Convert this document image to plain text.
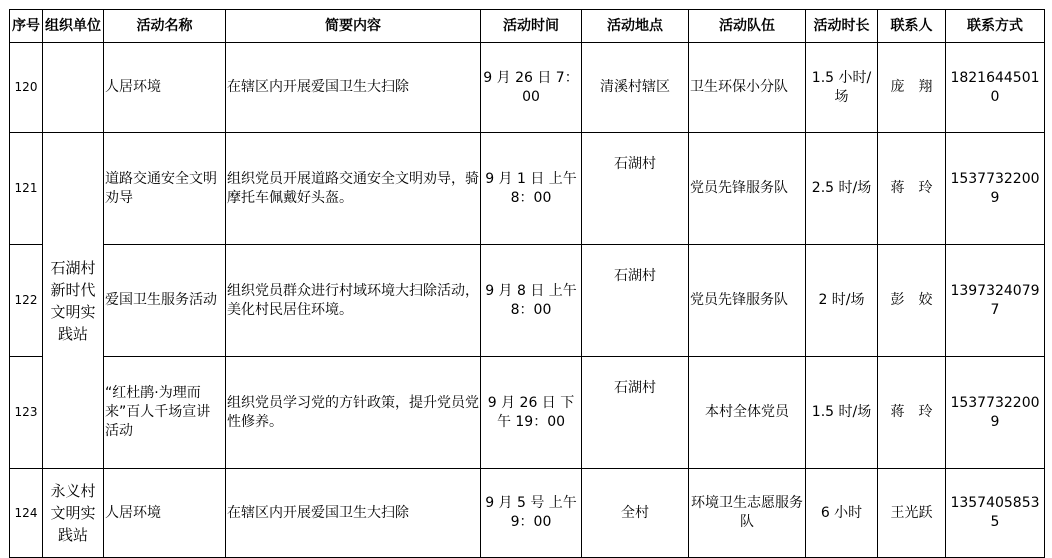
序号	组织单位	活动名称	简要内容	活动时间	活动地点	活动队伍	活动时长	联系人	联系方式
120		人居环境	在辖区内开展爱国卫生大扫除	9 月 26 日 7：00	清溪村辖区	卫生环保小分队	1.5 小时/场	庞　翔	18216445010
121	石湖村新时代文明实践站	道路交通安全文明劝导	组织党员开展道路交通安全文明劝导，骑摩托车佩戴好头盔。	9 月 1 日 上午 8：00	石湖村	党员先锋服务队	2.5 时/场	蒋　玲	15377322009
122		爱国卫生服务活动	组织党员群众进行村域环境大扫除活动，美化村民居住环境。	9 月 8 日 上午 8：00	石湖村	党员先锋服务队	2 时/场	彭　姣	13973240797
123		“红杜鹃·为理而来”百人千场宣讲活动	组织党员学习党的方针政策，提升党员党性修养。	9 月 26 日 下午 19：00	石湖村	本村全体党员	1.5 时/场	蒋　玲	15377322009
124	永义村文明实践站	人居环境	在辖区内开展爱国卫生大扫除	9 月 5 号 上午 9：00	全村	环境卫生志愿服务队	6 小时	王光跃	13574058535
